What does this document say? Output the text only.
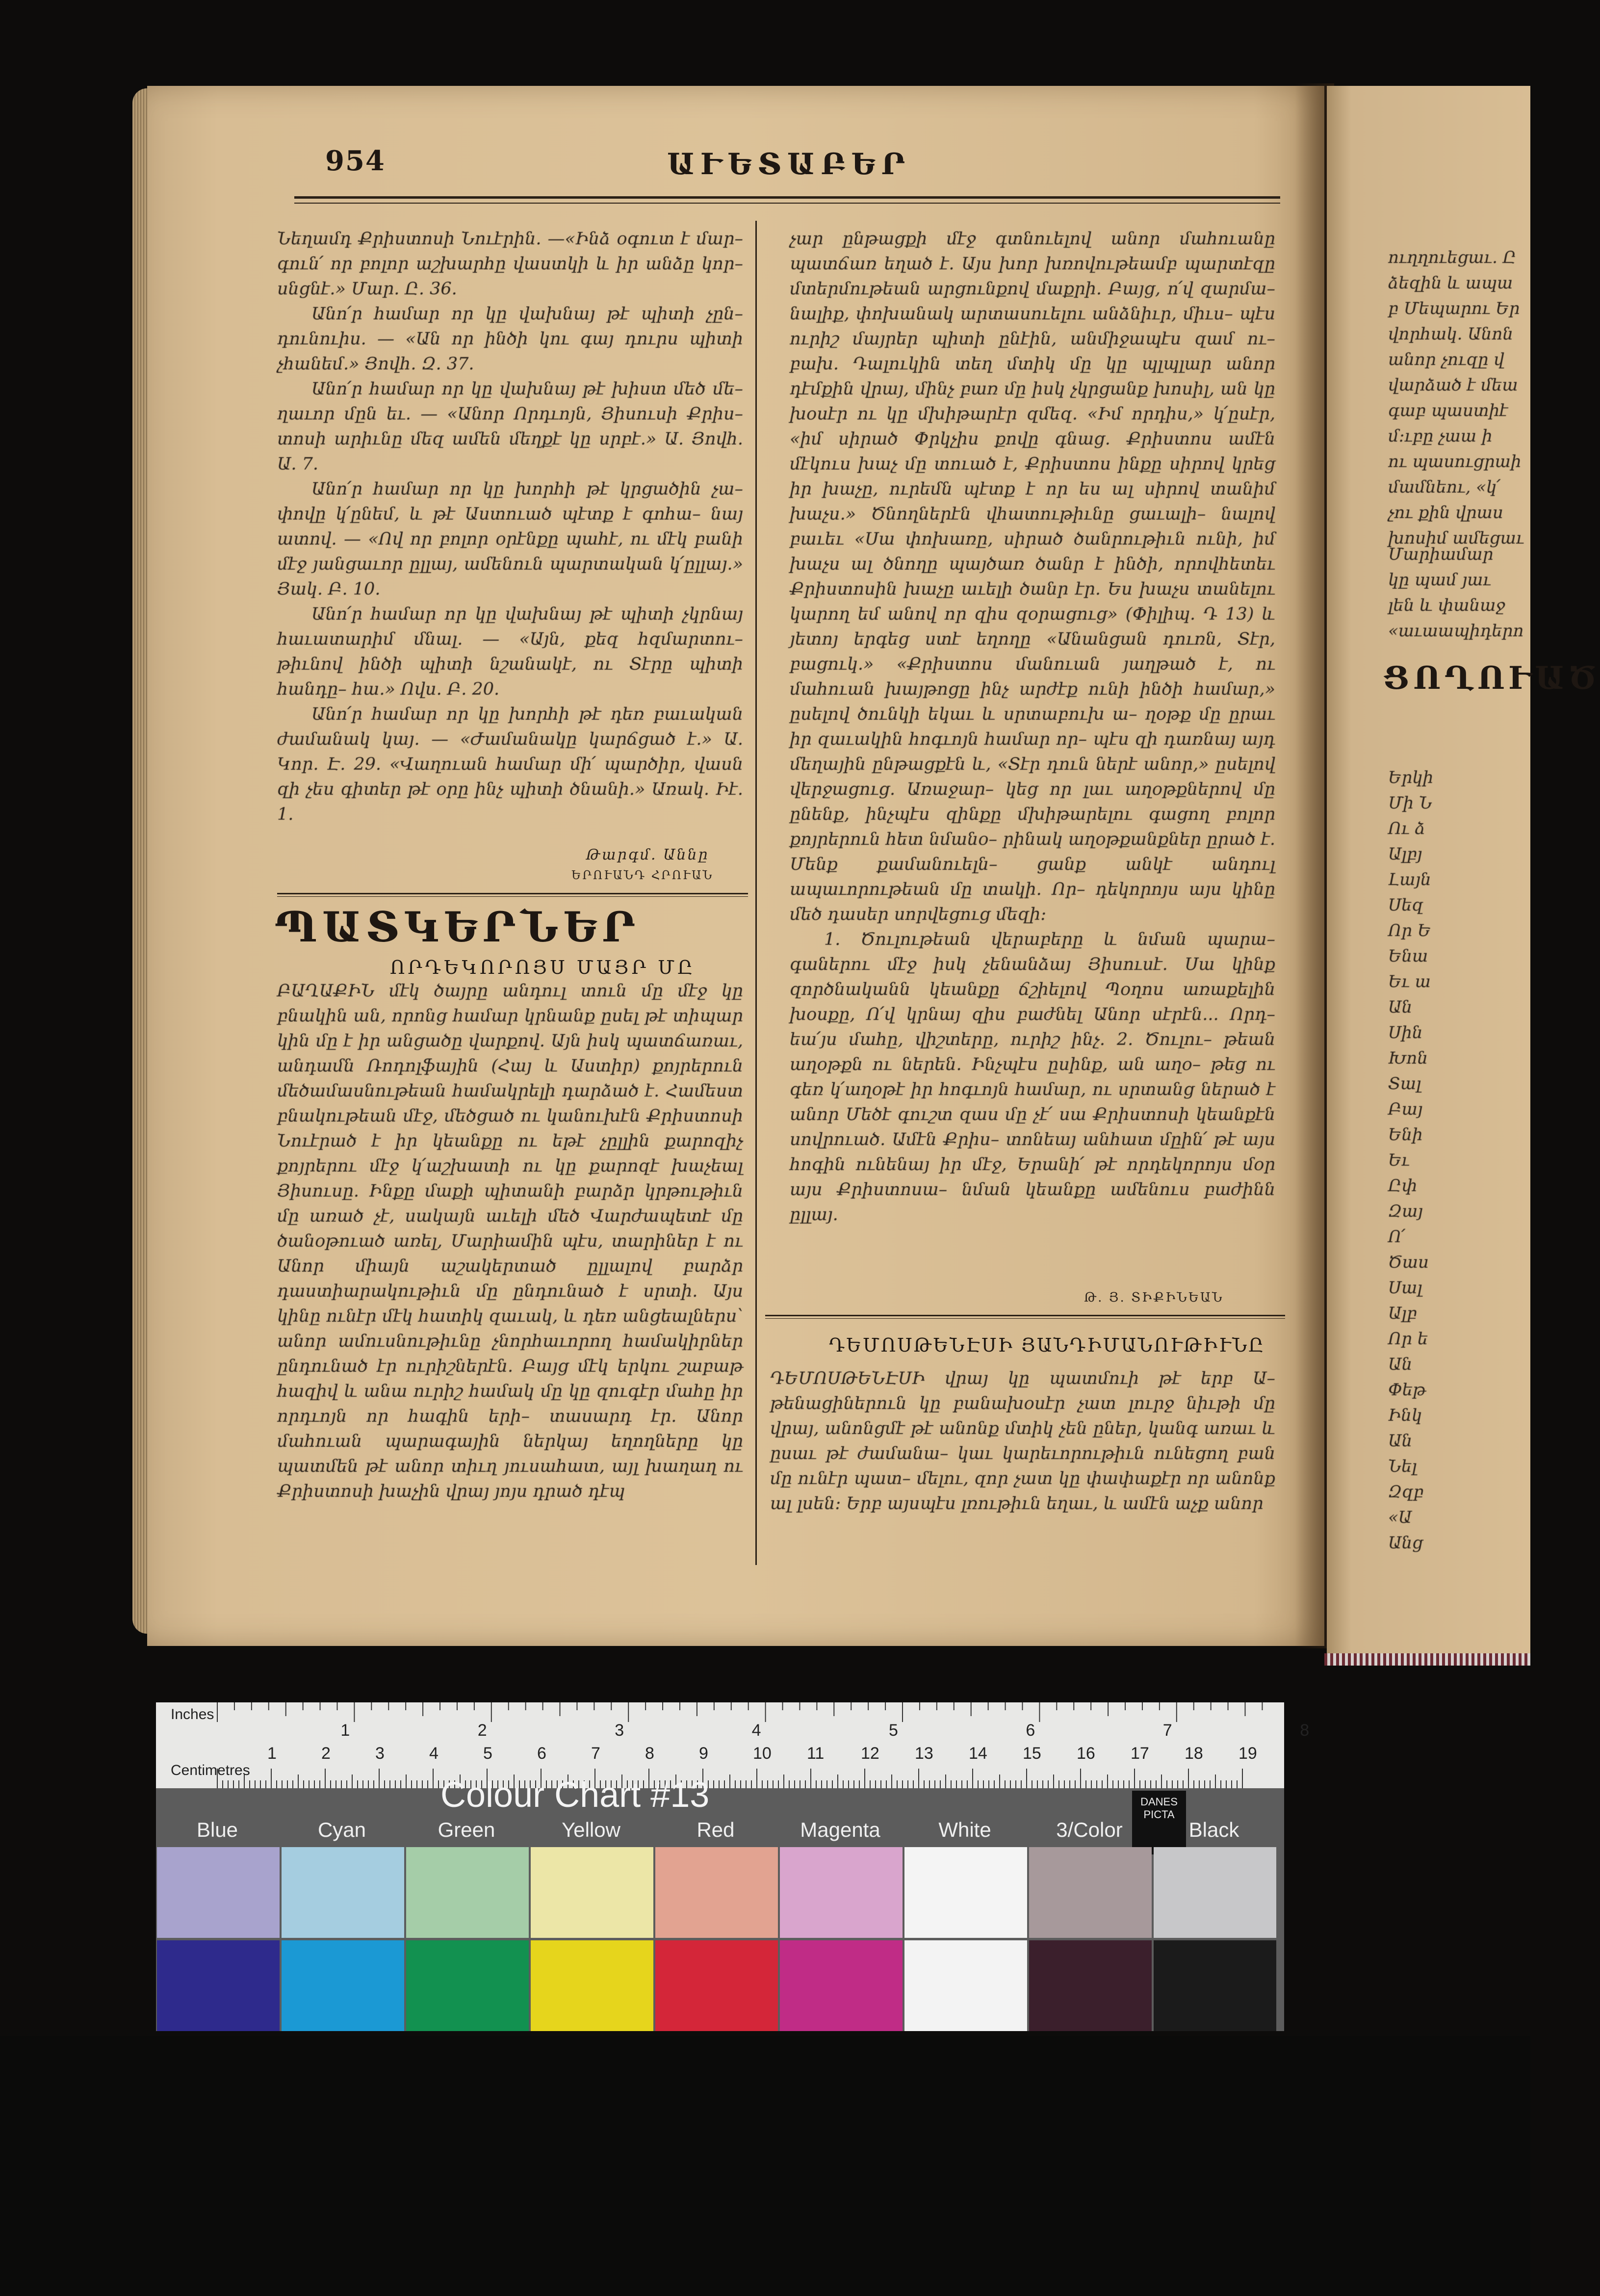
954	ԱՒԵՏԱԲԵՐ

Նեղամդ Քրիստոսի Նուէրին. —«Ինձ օգուտ է մար– գուն՛ որ բոլոր աշխարհը վաստկի և իր անձը կոր– սնցնէ.» Մար. Ը. 36.

Անո՛ր համար որ կը վախնայ թէ պիտի չըն– դունուիս. — «Ան որ ինծի կու գայ դուրս պիտի չհանեմ.» Յովհ. Զ. 37.

Անո՛ր համար որ կը վախնայ թէ խիստ մեծ մե– ղաւոր մըն եւ. — «Անոր Որդւոյն, Յիսուսի Քրիս– տոսի արիւնը մեզ ամեն մեղքէ կը սրբէ.» Ա. Յովհ. Ա. 7.

Անո՛ր համար որ կը խորհի թէ կրցածին չա– փովը կ՛ընեմ, և թէ Աստուած պէտք է գոհա– նայ ատով. — «Ով որ բոլոր օրէնքը պահէ, ու մէկ բանի մէջ յանցաւոր ըլլայ, ամենուն պարտական կ՛ըլլայ.» Յակ. Բ. 10.

Անո՛ր համար որ կը վախնայ թէ պիտի չկրնայ հաւատարիմ մնալ. — «Այն, քեզ հզմարտու– թիւնով ինծի պիտի նշանակէ, ու Տէրը պիտի հանդը– հա.» Ովս. Բ. 20.

Անո՛ր համար որ կը խորհի թէ դեռ բաւական ժամանակ կայ. — «Ժամանակը կարճցած է.» Ա. Կոր. Է. 29. «Վաղուան համար մի՛ պարծիր, վասն զի չես գիտեր թէ օրը ինչ պիտի ծնանի.» Առակ. Իէ. 1.

Թարգմ. Աննը
ԵՐՈՒԱՆԴ ՀՐՈՒԱՆ
ՊԱՏԿԵՐՆԵՐ
ՈՐԴԵԿՈՐՈՅՍ ՄԱՅՐ ՄԸ

ԲԱՂԱՔԻՆ մէկ ծայրը անդուլ տուն մը մէջ կը բնակին ան, որոնց համար կրնանք ըսել թէ տիպար կին մը է իր անցածը վարքով. Այն իսկ պատճառաւ, անդամն Ռոդոլֆային (Հայ և Աստիր) քոյրերուն մեծամասնութեան համակրելի դարձած է. Համեստ բնակութեան մէջ, մեծցած ու կանուխէն Քրիստոսի Նուէրած է իր կեանքը ու եթէ չըլլին քարոզիչ քոյրերու մէջ կ՛աշխատի ու կը քարոզէ խաչեալ Յիսուսը. Ինքը մաքի պիտանի բարձր կրթութիւն մը առած չէ, սակայն աւելի մեծ Վարժապետէ մը ծանօթուած առել, Մարիամին պէս, տարիներ է ու Անոր միայն աշակերտած ըլլալով բարձր դաստիարակութիւն մը ընդունած է սրտի. Այս կինը ունէր մէկ հատիկ զաւակ, և դեռ անցեալներս՝ անոր ամուսնութիւնը չնորհաւորող համակիրներ ընդունած էր ուրիշներէն. Բայց մէկ երկու շաբաթ հազիվ և անա ուրիշ համակ մը կը զուգէր մահը իր որդւոյն որ հագին երի– տասարդ էր. Անոր մահուան պարագային ներկայ եղողները կը պատմեն թէ անոր տիւղ յուսահատ, այլ խաղաղ ու Քրիստոսի խաչին վրայ յոյս դրած դէպ

չար ընթացքի մէջ գտնուելով անոր մահուանը պատճառ եղած է. Այս խոր խռովութեամբ պարտէզը մտերմութեան արցունքով մաքրի. Բայց, ո՛վ զարմա– նալիք, փոխանակ արտասուելու անձնիւր, միւս– պէս ուրիշ մայրեր պիտի ընէին, անմիջապէս զամ ու– բախ. Դալուկին տեղ մտիկ մը կը պլպլար անոր դէմքին վրայ, մինչ բառ մը իսկ չկրցանք խոսիլ, ան կը խօսէր ու կը մխիթարէր զմեզ. «Իմ որդիս,» կ՛ըսէր, «իմ սիրած Փրկչիս քովը գնաց. Քրիստոս ամէն մէկուս խաչ մը տուած է, Քրիստոս ինքը սիրով կրեց իր խաչը, ուրեմն պէտք է որ ես ալ սիրով տանիմ խաչս.» Ծնողներէն վհատութիւնը ցաւալի– նալով բաւեւ «Սա փոխառը, սիրած ծանրութիւն ունի, իմ խաչս ալ ծնողը պայծառ ծանր է ինծի, որովհետեւ Քրիստոսին խաչը աւելի ծանր էր. Ես խաչս տանելու կարող եմ անով որ զիս զօրացուց» (Փիլիպ. Դ 13) և յետոյ երգեց ստէ եղողը «Անանցան դուռն, Տէր, բացուկ.» «Քրիստոս մանուան յաղթած է, ու մահուան խայթոցը ինչ արժէք ունի ինծի համար,» ըսելով ծունկի եկաւ և սրտաբուխ ա– ղօթք մը ըրաւ իր զաւակին հոգւոյն համար որ– պէս զի դառնայ այդ մեղային ընթացքէն և, «Տէր դուն ներէ անոր,» ըսելով վերջացուց. Առաջար– կեց որ լաւ աղօթքներով մը ընենք, ինչպէս զինքը մխիթարելու գացող բոլոր քոյրերուն հետ նմանօ– րինակ աղօթքանքներ ըրած է. Մենք քամանուելն– ցանք անկէ անդուլ ապաւորութեան մը տակի. Որ– դեկորոյս այս կինը մեծ դասեր սորվեցուց մեզի:

1. Ծուլութեան վերաբերը և նման պարա– գաներու մէջ իսկ չենանձայ Յիսուսէ. Սա կինք զործնականն կեանքը ճշիելով Պօղոս առաքելին խօսքը, Ո՛վ կրնայ զիս բաժնել Անոր սէրէն... Որդ– եա՛յս մահը, վիշտերը, ուրիշ ինչ. 2. Ծուլու– թեան աղօթքն ու ներեն. Ինչպէս ըսինք, ան աղօ– թեց ու գեռ կ՛աղօթէ իր հոգւոյն համար, ու սրտանց ներած է անոր Մեծէ գուշտ զաս մը չէ՛ սա Քրիստոսի կեանքէն սովրուած. Ամէն Քրիս– տոնեայ անհատ մըին՛ թէ այս հոգին ունենայ իր մէջ, Երանի՛ թէ որդեկորոյս մօր այս Քրիստոսա– նման կեանքը ամենուս բաժինն ըլլայ.

Թ. Յ. ՏԻՔԻՆԵԱՆ
ԴԵՄՈՍԹԵՆԷՍԻ ՅԱՆԴԻՄԱՆՈՒԹԻՒՆԸ

ԴԵՄՈՍԹԵՆԷՍԻ վրայ կը պատմուի թէ երբ Ա– թենացիներուն կը բանախօսէր չատ լուրջ նիւթի մը վրայ, անոնցմէ թէ անոնք մտիկ չեն ըներ, կանգ առաւ և ըսաւ թէ ժամանա– կաւ կարեւորութիւն ունեցող բան մը ունէր պատ– մելու, զոր չատ կը փափաքէր որ անոնք ալ լսեն: Երբ այսպէս լռութիւն եղաւ, և ամէն աչք անոր

ուղղուեցաւ. Ը
ձեզին և ապա
բ Մեպարու Եր
վորհակ. Անոն
անոր չուզը վ
վարձած է մեա
գաբ պաստիէ
մ:ւբը չաա ի
ու պասուցրաի
մամնեու, «կ՛
չու քին վրաս
խոսիմ ամեցաւ
ՑՈՂՈՒԱԾ
Մարիամար
կը պամ յաւ
լեն և փանաջ
«աւաապիդերո
Երկի
Մի Ն
Ու ձ
Ալբյ
Լայն
Սեզ
Որ Ե
Ենա
Եւ ա
Ան
Սին
Խոն
Տալ
Բայ
Ենի
Եւ
Ըփ
Զայ
Ո՛
Ծաս
Սալ
Ալբ
Որ ե
Ան
Փեթ
Ինկ
Ան
Նել
Զզբ
«Ա
Անց
Inches
Centimetres
1	2	3	4	5	6	7	8	9	10 11 12 13 14 15 16 17 18 19
1	2	3	4	5	6	7	8
Colour Chart #13	DANES PICTA
Blue	Cyan	Green	Yellow	Red	Magenta	White	3/Color	Black
